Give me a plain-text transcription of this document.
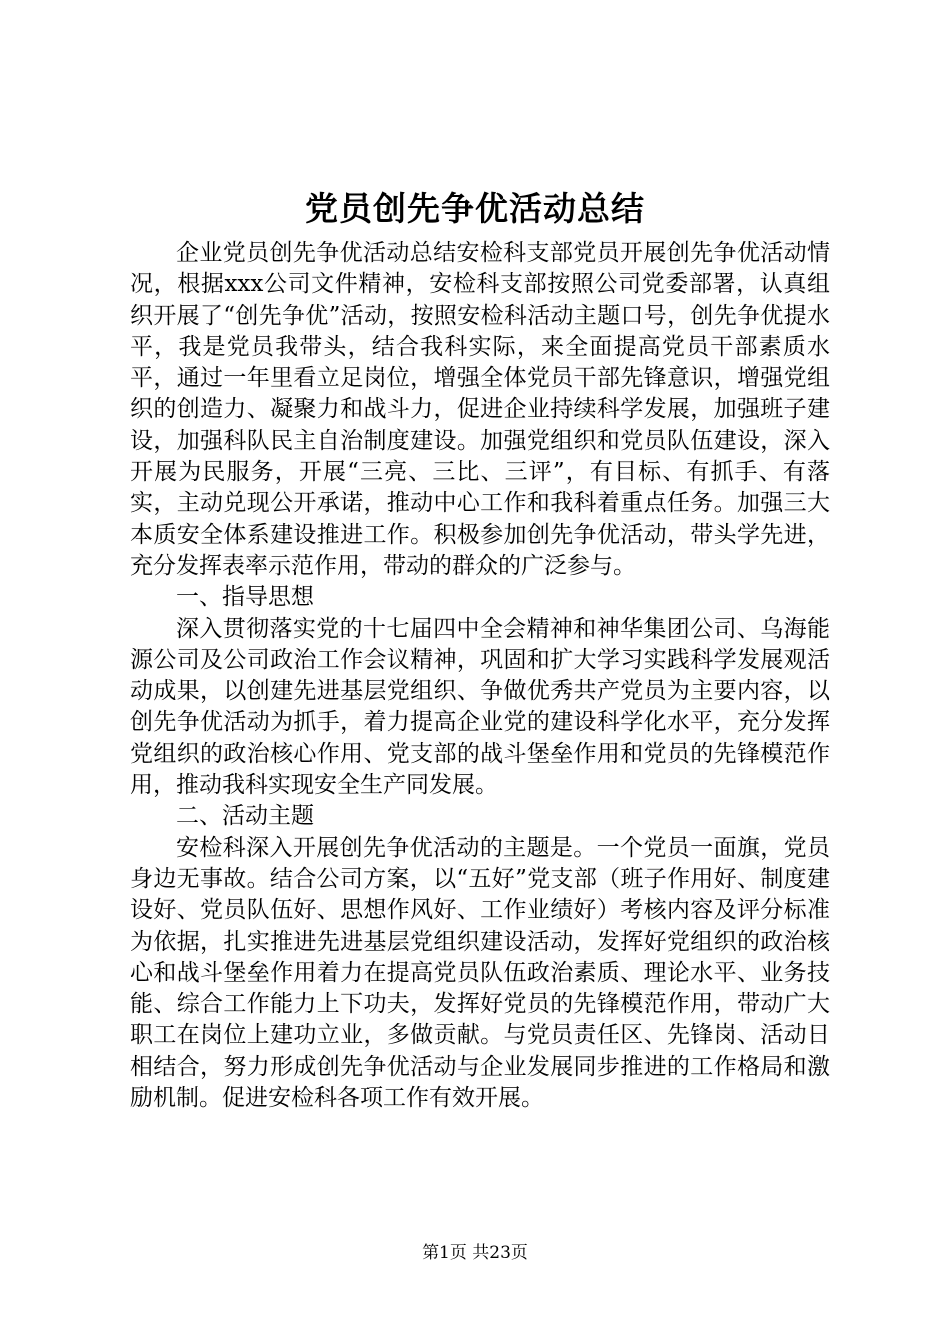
党员创先争优活动总结

企业党员创先争优活动总结安检科支部党员开展创先争优活动情况，根据xxx公司文件精神，安检科支部按照公司党委部署，认真组织开展了“创先争优”活动，按照安检科活动主题口号，创先争优提水平，我是党员我带头，结合我科实际，来全面提高党员干部素质水平，通过一年里看立足岗位，增强全体党员干部先锋意识，增强党组织的创造力、凝聚力和战斗力，促进企业持续科学发展，加强班子建设，加强科队民主自治制度建设。加强党组织和党员队伍建设，深入开展为民服务，开展“三亮、三比、三评”，有目标、有抓手、有落实，主动兑现公开承诺，推动中心工作和我科着重点任务。加强三大本质安全体系建设推进工作。积极参加创先争优活动，带头学先进，充分发挥表率示范作用，带动的群众的广泛参与。

一、指导思想

深入贯彻落实党的十七届四中全会精神和神华集团公司、乌海能源公司及公司政治工作会议精神，巩固和扩大学习实践科学发展观活动成果，以创建先进基层党组织、争做优秀共产党员为主要内容，以创先争优活动为抓手，着力提高企业党的建设科学化水平，充分发挥党组织的政治核心作用、党支部的战斗堡垒作用和党员的先锋模范作用，推动我科实现安全生产同发展。

二、活动主题

安检科深入开展创先争优活动的主题是。一个党员一面旗，党员身边无事故。结合公司方案，以“五好”党支部（班子作用好、制度建设好、党员队伍好、思想作风好、工作业绩好）考核内容及评分标准为依据，扎实推进先进基层党组织建设活动，发挥好党组织的政治核心和战斗堡垒作用着力在提高党员队伍政治素质、理论水平、业务技能、综合工作能力上下功夫，发挥好党员的先锋模范作用，带动广大职工在岗位上建功立业，多做贡献。与党员责任区、先锋岗、活动日相结合，努力形成创先争优活动与企业发展同步推进的工作格局和激励机制。促进安检科各项工作有效开展。

第1页 共23页
